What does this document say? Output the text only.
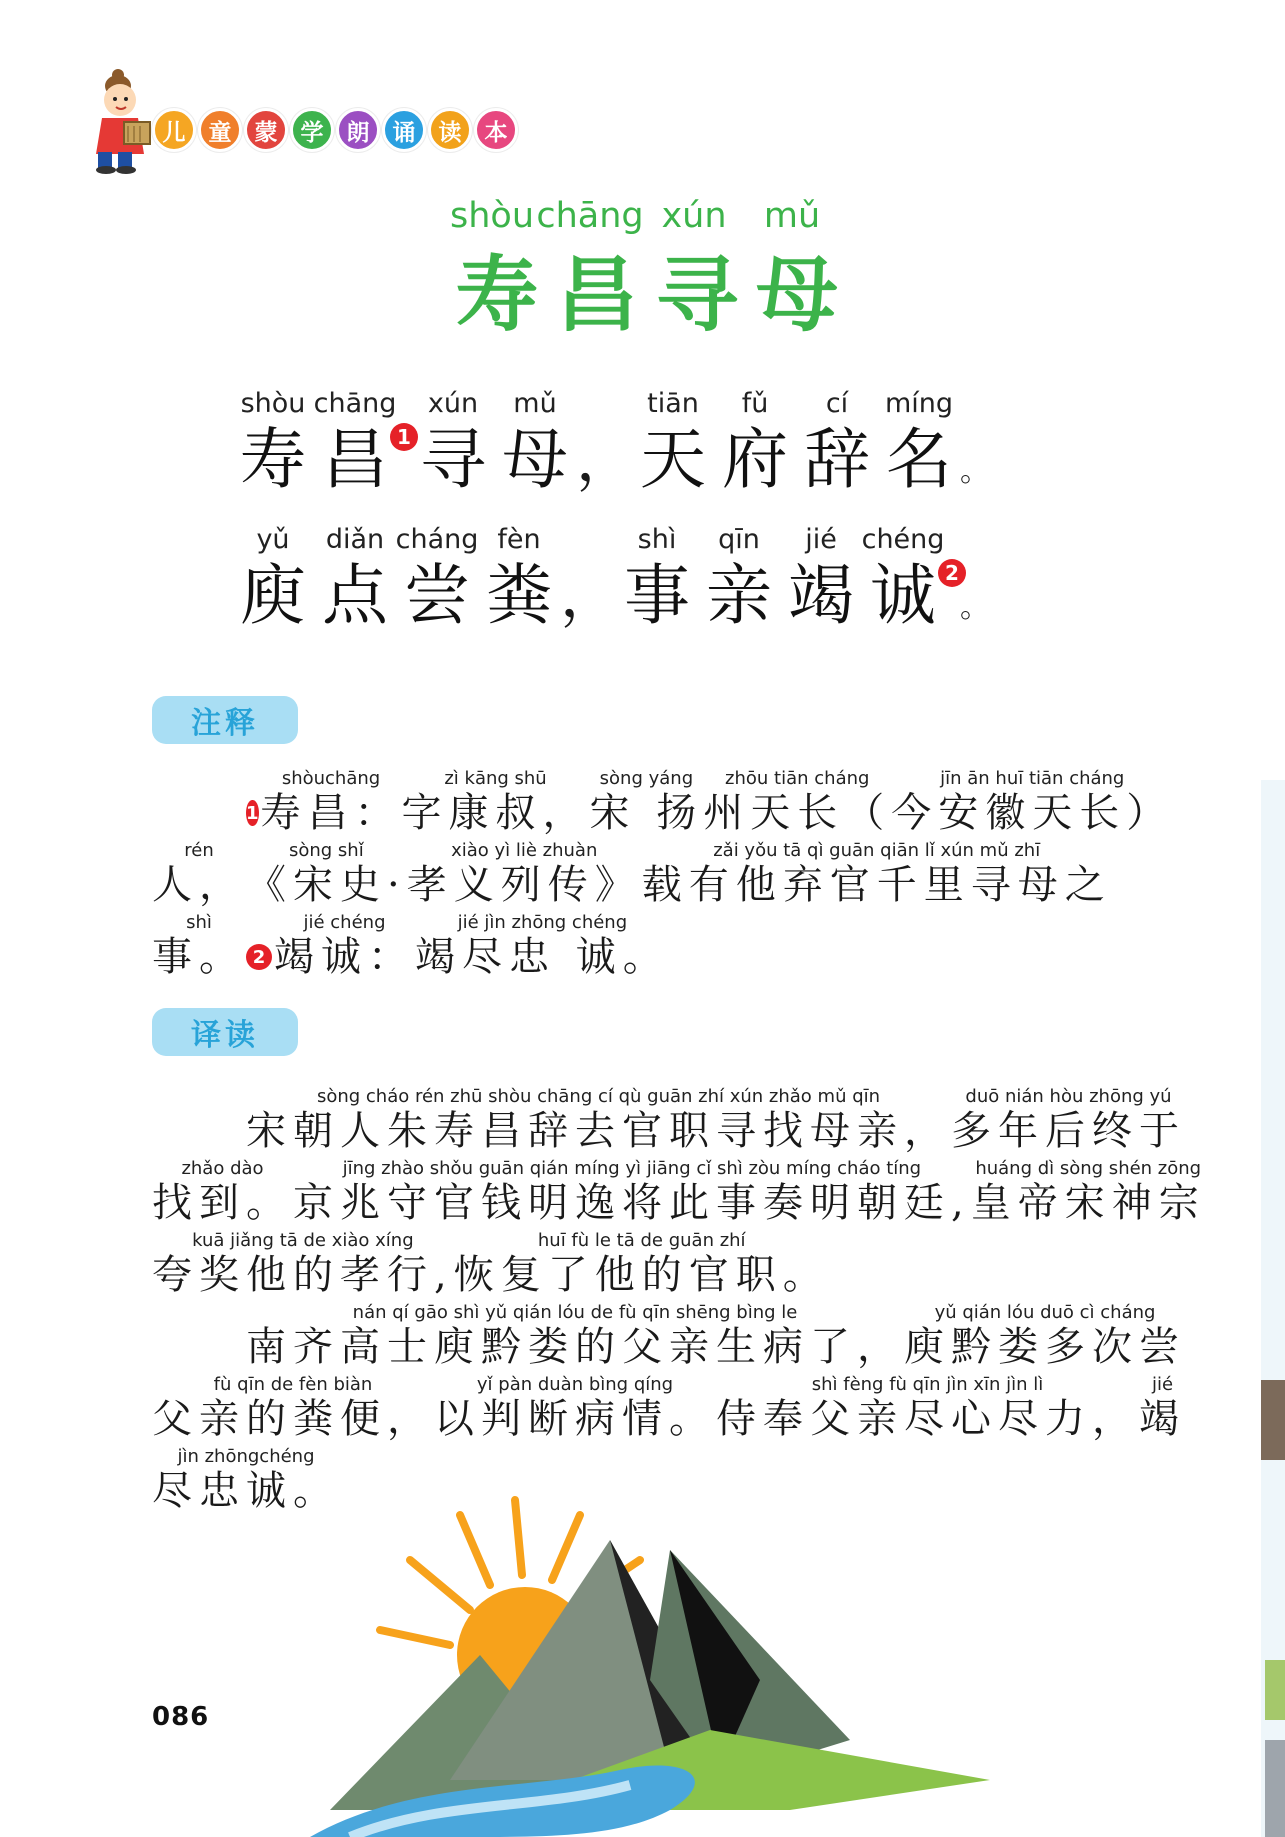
儿	童	蒙	学	朗	诵	读	本
shòu chāng xún	mǔ
寿 昌 寻 母
shòu
寿
chāng
昌 1
xún
寻
mǔ
母 ，
tiān
天
fǔ
府
cí
辞
míng
名 。
yǔ
庾
diǎn
点
cháng
尝
fèn
粪 ，
shì
事
qīn
亲
jié
竭
chéng
诚 2
。
注释
1
shòuchāng
寿昌：
zì kāng shū
字康叔，
sòng yáng
宋 扬
zhōu tiān cháng
州天长（
jīn ān huī tiān cháng
今安徽天长）
rén
人，
sòng shǐ
《宋史·
xiào yì liè zhuàn
孝义列传》
zǎi yǒu tā qì guān qiān lǐ xún mǔ zhī
载有他弃官千里寻母之
shì
事。 2
jié chéng
竭诚：
jié jìn zhōng chéng
竭尽忠 诚。
译读
sòng cháo rén zhū shòu chāng cí qù guān zhí xún zhǎo mǔ qīn
宋朝人朱寿昌辞去官职寻找母亲，
duō nián hòu zhōng yú
多年后终于
zhǎo dào
找到。
jīng zhào shǒu guān qián míng yì jiāng cǐ shì zòu míng cháo tíng
京兆守官钱明逸将此事奏明朝廷,
huáng dì sòng shén zōng
皇帝宋神宗
kuā jiǎng tā de xiào xíng
夸奖他的孝行,
huī fù le tā de guān zhí
恢复了他的官职。
nán qí gāo shì yǔ qián lóu de fù qīn shēng bìng le
南齐高士庾黔娄的父亲生病了，
yǔ qián lóu duō cì cháng
庾黔娄多次尝
fù qīn de fèn biàn
父亲的粪便，
yǐ pàn duàn bìng qíng
以判断病情。
shì fèng fù qīn jìn xīn jìn lì
侍奉父亲尽心尽力，
jié
竭
jìn zhōngchéng
尽忠诚。
086
